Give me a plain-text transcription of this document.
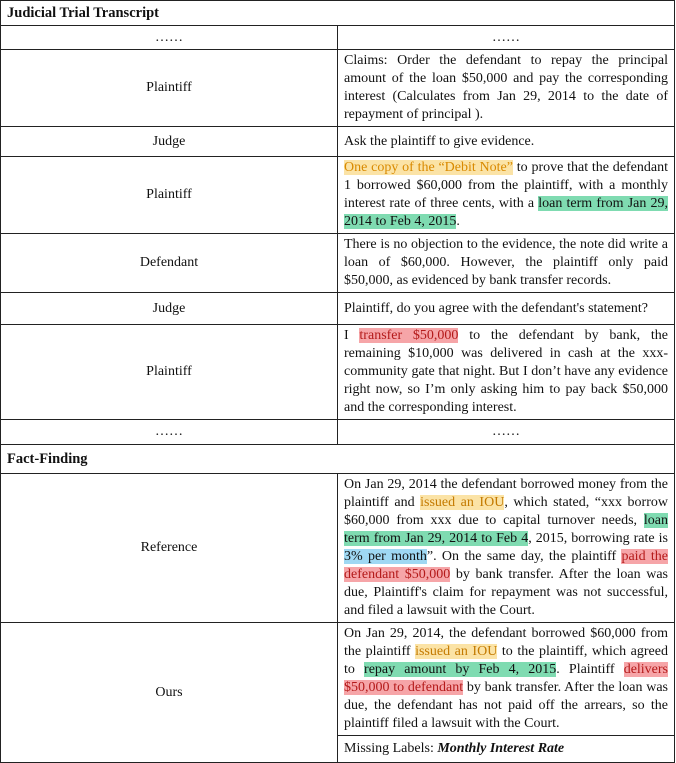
Judicial Trial Transcript	
……	……
Plaintiff	Claims: Order the defendant to repay the principal amount of the loan $50,000 and pay the corresponding interest (Calculates from Jan 29, 2014 to the date of repayment of principal ).
Judge	Ask the plaintiff to give evidence.
Plaintiff	One copy of the “Debit Note” to prove that the defendant 1 borrowed $60,000 from the plaintiff, with a monthly interest rate of three cents, with a loan term from Jan 29, 2014 to Feb 4, 2015.
Defendant	There is no objection to the evidence, the note did write a loan of $60,000. However, the plaintiff only paid $50,000, as evidenced by bank transfer records.
Judge	Plaintiff, do you agree with the defendant's statement?
Plaintiff	I transfer $50,000 to the defendant by bank, the remaining $10,000 was delivered in cash at the xxx-community gate that night. But I don’t have any evidence right now, so I’m only asking him to pay back $50,000 and the corresponding interest.
……	……
Fact-Finding	
Reference	On Jan 29, 2014 the defendant borrowed money from the plaintiff and issued an IOU, which stated, “xxx borrow $60,000 from xxx due to capital turnover needs, loan term from Jan 29, 2014 to Feb 4, 2015, borrowing rate is 3% per month”. On the same day, the plaintiff paid the defendant $50,000 by bank transfer. After the loan was due, Plaintiff's claim for repayment was not successful, and filed a lawsuit with the Court.
Ours	On Jan 29, 2014, the defendant borrowed $60,000 from the plaintiff issued an IOU to the plaintiff, which agreed to repay amount by Feb 4, 2015. Plaintiff delivers $50,000 to defendant by bank transfer. After the loan was due, the defendant has not paid off the arrears, so the plaintiff filed a lawsuit with the Court.
	Missing Labels: Monthly Interest Rate
